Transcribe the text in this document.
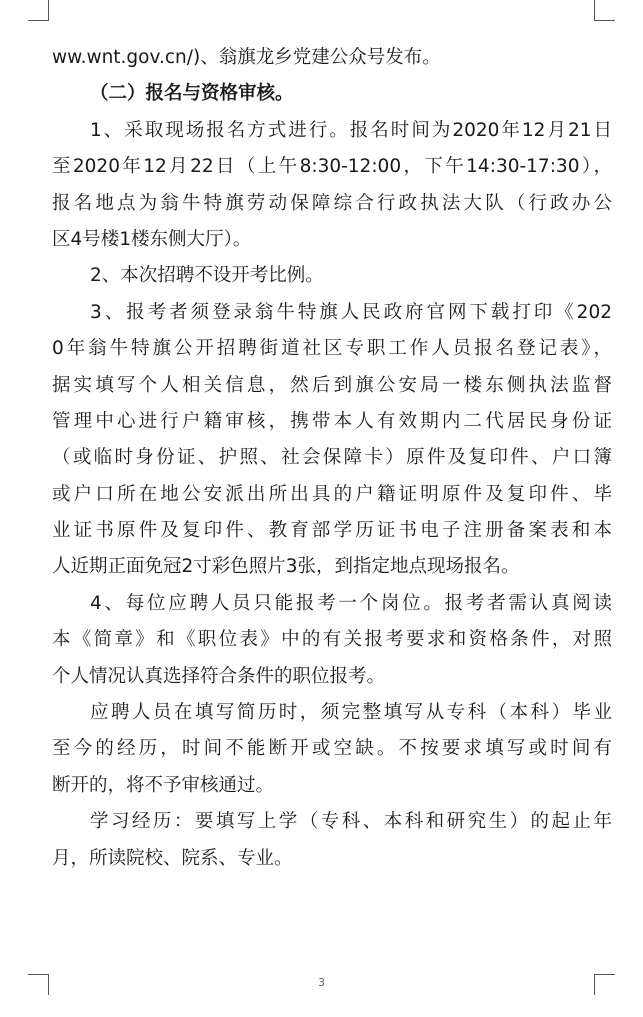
ww.wnt.gov.cn/)、翁旗龙乡党建公众号发布。
（二）报名与资格审核。
1、采取现场报名方式进行。报名时间为2020年12月21日
至2020年12月22日（上午8:30-12:00，下午14:30-17:30），
报名地点为翁牛特旗劳动保障综合行政执法大队（行政办公
区4号楼1楼东侧大厅）。
2、本次招聘不设开考比例。
3、报考者须登录翁牛特旗人民政府官网下载打印《202
0年翁牛特旗公开招聘街道社区专职工作人员报名登记表》，
据实填写个人相关信息，然后到旗公安局一楼东侧执法监督
管理中心进行户籍审核，携带本人有效期内二代居民身份证
（或临时身份证、护照、社会保障卡）原件及复印件、户口簿
或户口所在地公安派出所出具的户籍证明原件及复印件、毕
业证书原件及复印件、教育部学历证书电子注册备案表和本
人近期正面免冠2寸彩色照片3张，到指定地点现场报名。
4、每位应聘人员只能报考一个岗位。报考者需认真阅读
本《简章》和《职位表》中的有关报考要求和资格条件，对照
个人情况认真选择符合条件的职位报考。
应聘人员在填写简历时，须完整填写从专科（本科）毕业
至今的经历，时间不能断开或空缺。不按要求填写或时间有
断开的，将不予审核通过。
学习经历：要填写上学（专科、本科和研究生）的起止年
月，所读院校、院系、专业。
3
